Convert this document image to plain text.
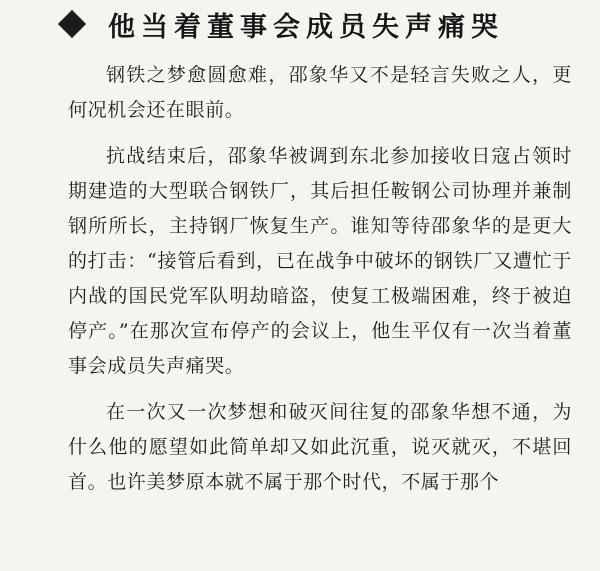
他当着董事会成员失声痛哭

钢铁之梦愈圆愈难，邵象华又不是轻言失败之人，更何况机会还在眼前。

抗战结束后，邵象华被调到东北参加接收日寇占领时期建造的大型联合钢铁厂，其后担任鞍钢公司协理并兼制钢所所长，主持钢厂恢复生产。谁知等待邵象华的是更大的打击：“接管后看到，已在战争中破坏的钢铁厂又遭忙于内战的国民党军队明劫暗盗，使复工极端困难，终于被迫停产。”在那次宣布停产的会议上，他生平仅有一次当着董事会成员失声痛哭。

在一次又一次梦想和破灭间往复的邵象华想不通，为什么他的愿望如此简单却又如此沉重，说灭就灭，不堪回首。也许美梦原本就不属于那个时代，不属于那个
